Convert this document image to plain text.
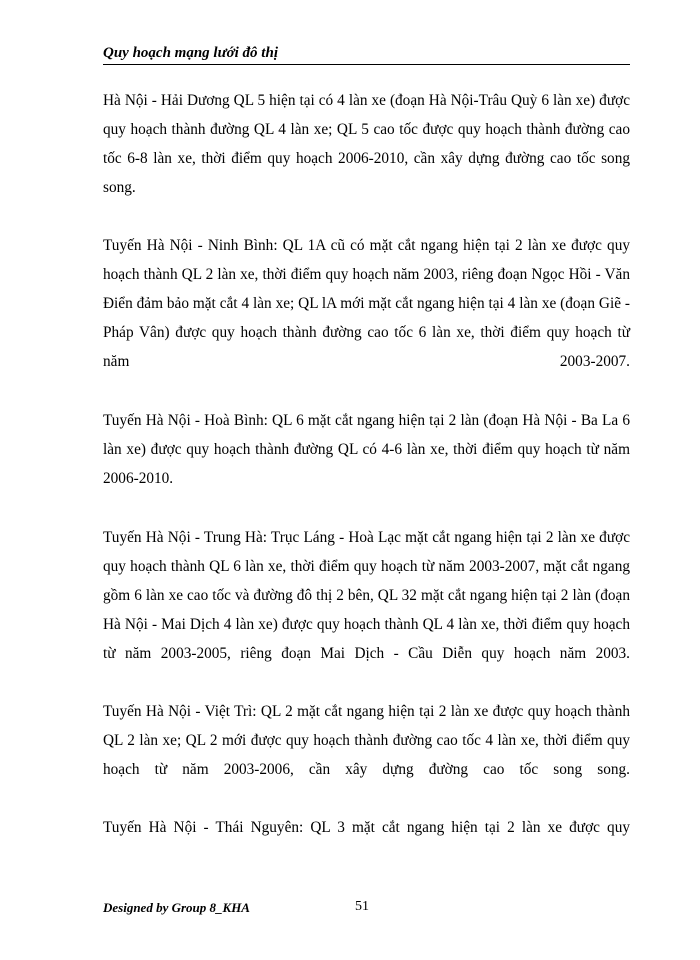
Quy hoạch mạng lưới đô thị

Hà Nội - Hải Dương QL 5 hiện tại có 4 làn xe (đoạn Hà Nội-Trâu Quỳ 6 làn xe) được quy hoạch thành đường QL 4 làn xe; QL 5 cao tốc được quy hoạch thành đường cao tốc 6-8 làn xe, thời điểm quy hoạch 2006-2010, cần xây dựng đường cao tốc song song.

Tuyến Hà Nội - Ninh Bình: QL 1A cũ có mặt cắt ngang hiện tại 2 làn xe được quy hoạch thành QL 2 làn xe, thời điểm quy hoạch năm 2003, riêng đoạn Ngọc Hồi - Văn Điển đảm bảo mặt cắt 4 làn xe; QL lA mới mặt cắt ngang hiện tại 4 làn xe (đoạn Giẽ - Pháp Vân) được quy hoạch thành đường cao tốc 6 làn xe, thời điểm quy hoạch từ năm 2003-2007.

Tuyến Hà Nội - Hoà Bình: QL 6 mặt cắt ngang hiện tại 2 làn (đoạn Hà Nội - Ba La 6 làn xe) được quy hoạch thành đường QL có 4-6 làn xe, thời điểm quy hoạch từ năm 2006-2010.

Tuyến Hà Nội - Trung Hà: Trục Láng - Hoà Lạc mặt cắt ngang hiện tại 2 làn xe được quy hoạch thành QL 6 làn xe, thời điểm quy hoạch từ năm 2003-2007, mặt cắt ngang gồm 6 làn xe cao tốc và đường đô thị 2 bên, QL 32 mặt cắt ngang hiện tại 2 làn (đoạn Hà Nội - Mai Dịch 4 làn xe) được quy hoạch thành QL 4 làn xe, thời điểm quy hoạch từ năm 2003-2005, riêng đoạn Mai Dịch - Cầu Diễn quy hoạch năm 2003.

Tuyến Hà Nội - Việt Trì: QL 2 mặt cắt ngang hiện tại 2 làn xe được quy hoạch thành QL 2 làn xe; QL 2 mới được quy hoạch thành đường cao tốc 4 làn xe, thời điểm quy hoạch từ năm 2003-2006, cần xây dựng đường cao tốc song song.

Tuyến Hà Nội - Thái Nguyên: QL 3 mặt cắt ngang hiện tại 2 làn xe được quy

Designed by Group 8_KHA	51
